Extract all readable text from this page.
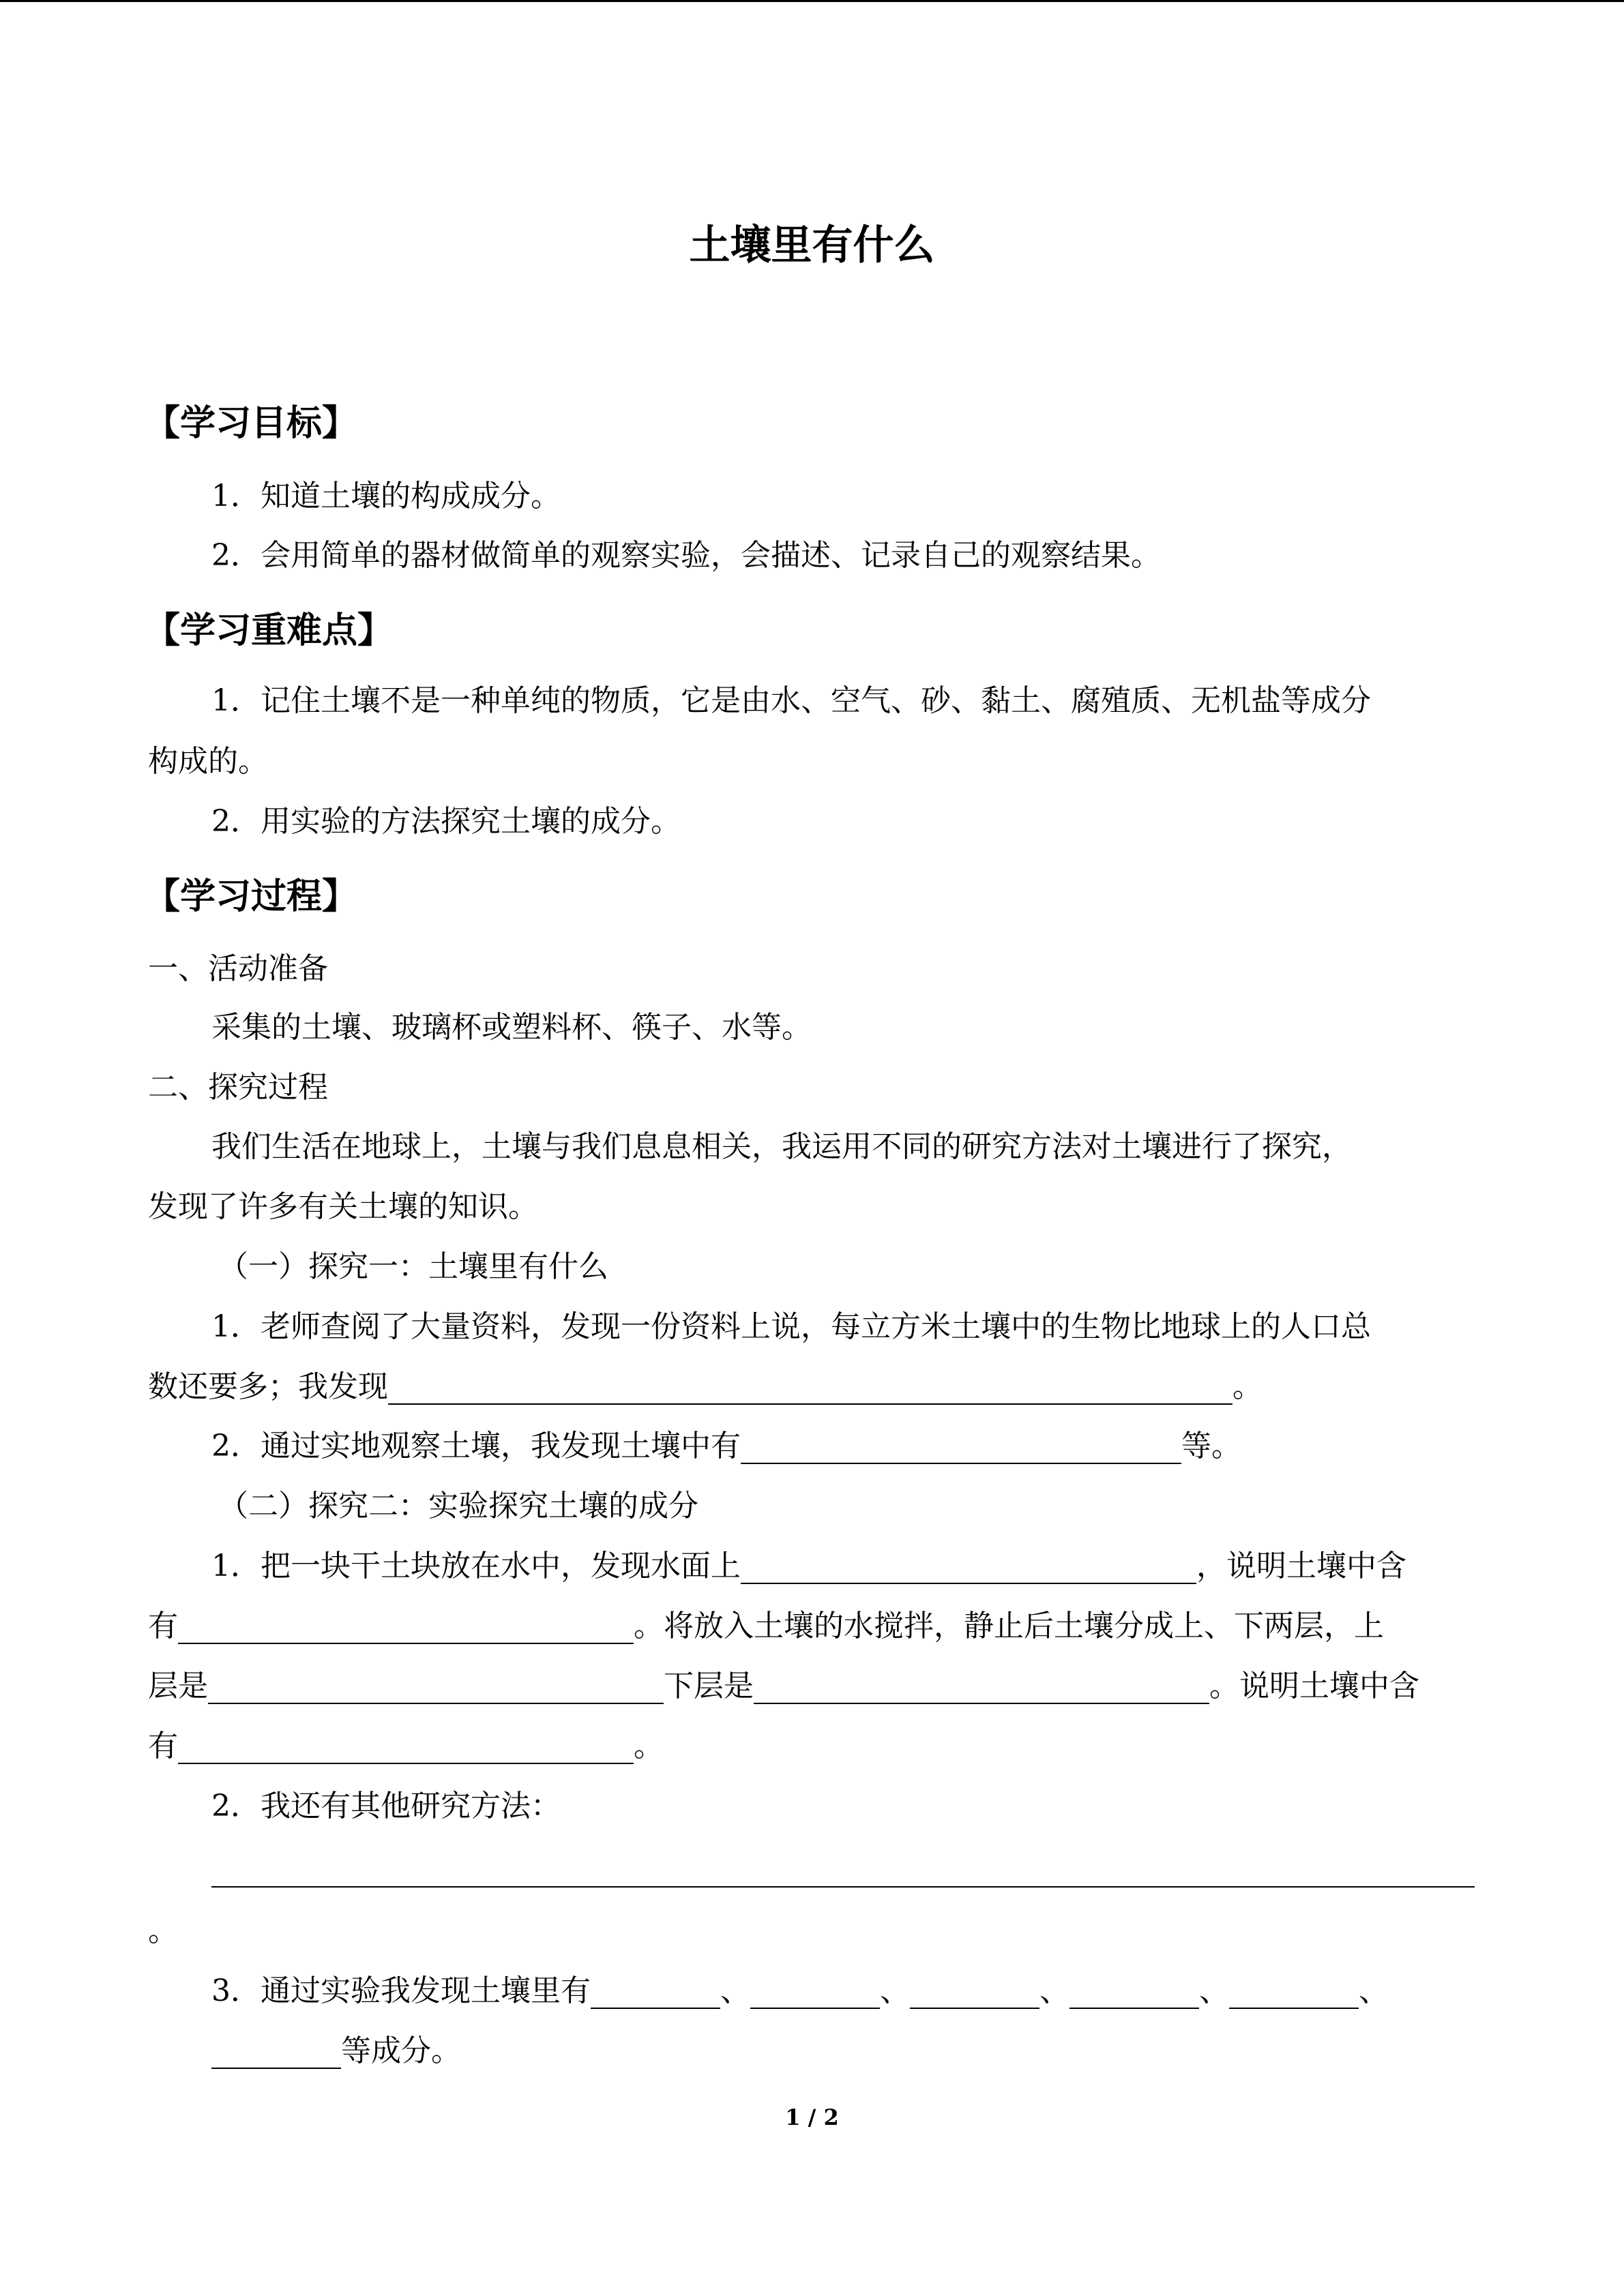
土壤里有什么
【学习目标】
1．知道土壤的构成成分。
2．会用简单的器材做简单的观察实验，会描述、记录自己的观察结果。
【学习重难点】
1．记住土壤不是一种单纯的物质，它是由水、空气、砂、黏土、腐殖质、无机盐等成分
构成的。
2．用实验的方法探究土壤的成分。
【学习过程】
一、活动准备
采集的土壤、玻璃杯或塑料杯、筷子、水等。
二、探究过程
我们生活在地球上，土壤与我们息息相关，我运用不同的研究方法对土壤进行了探究，
发现了许多有关土壤的知识。
（一）探究一：土壤里有什么
1．老师查阅了大量资料，发现一份资料上说，每立方米土壤中的生物比地球上的人口总
数还要多；我发现	。
2．通过实地观察土壤，我发现土壤中有	等。
（二）探究二：实验探究土壤的成分
1．把一块干土块放在水中，发现水面上	，说明土壤中含
有	。将放入土壤的水搅拌，静止后土壤分成上、下两层，上
层是	下层是	。说明土壤中含
有	。
2．我还有其他研究方法：
。
3．通过实验我发现土壤里有	、	、	、	、	、
等成分。
1 / 2
